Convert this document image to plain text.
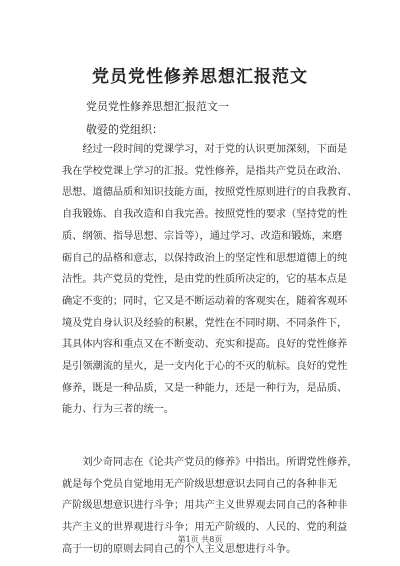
党员党性修养思想汇报范文
党员党性修养思想汇报范文一
敬爱的党组织：
　　经过一段时间的党课学习，对于党的认识更加深刻，下面是
我在学校党课上学习的汇报。党性修养，是指共产党员在政治、
思想、道德品质和知识技能方面，按照党性原则进行的自我教育、
自我锻炼、自我改造和自我完善。按照党性的要求（坚持党的性
质、纲领、指导思想、宗旨等），通过学习、改造和锻炼，来磨
砺自己的品格和意志，以保持政治上的坚定性和思想道德上的纯
洁性。共产党员的党性，是由党的性质所决定的，它的基本点是
确定不变的；同时，它又是不断运动着的客观实在，随着客观环
境及党自身认识及经验的积累，党性在不同时期、不同条件下，
其具体内容和重点又在不断变动、充实和提高。良好的党性修养
是引领潮流的星火，是一支内化于心的不灭的航标。良好的党性
修养，既是一种品质，又是一种能力，还是一种行为，是品质、
能力、行为三者的统一。
　　刘少奇同志在《论共产党员的修养》中指出。所谓党性修养，
就是每个党员自觉地用无产阶级思想意识去同自己的各种非无
产阶级思想意识进行斗争；用共产主义世界观去同自己的各种非
共产主义的世界观进行斗争；用无产阶级的、人民的、党的利益
高于一切的原则去同自己的个人主义思想进行斗争。
第1页 共8页
